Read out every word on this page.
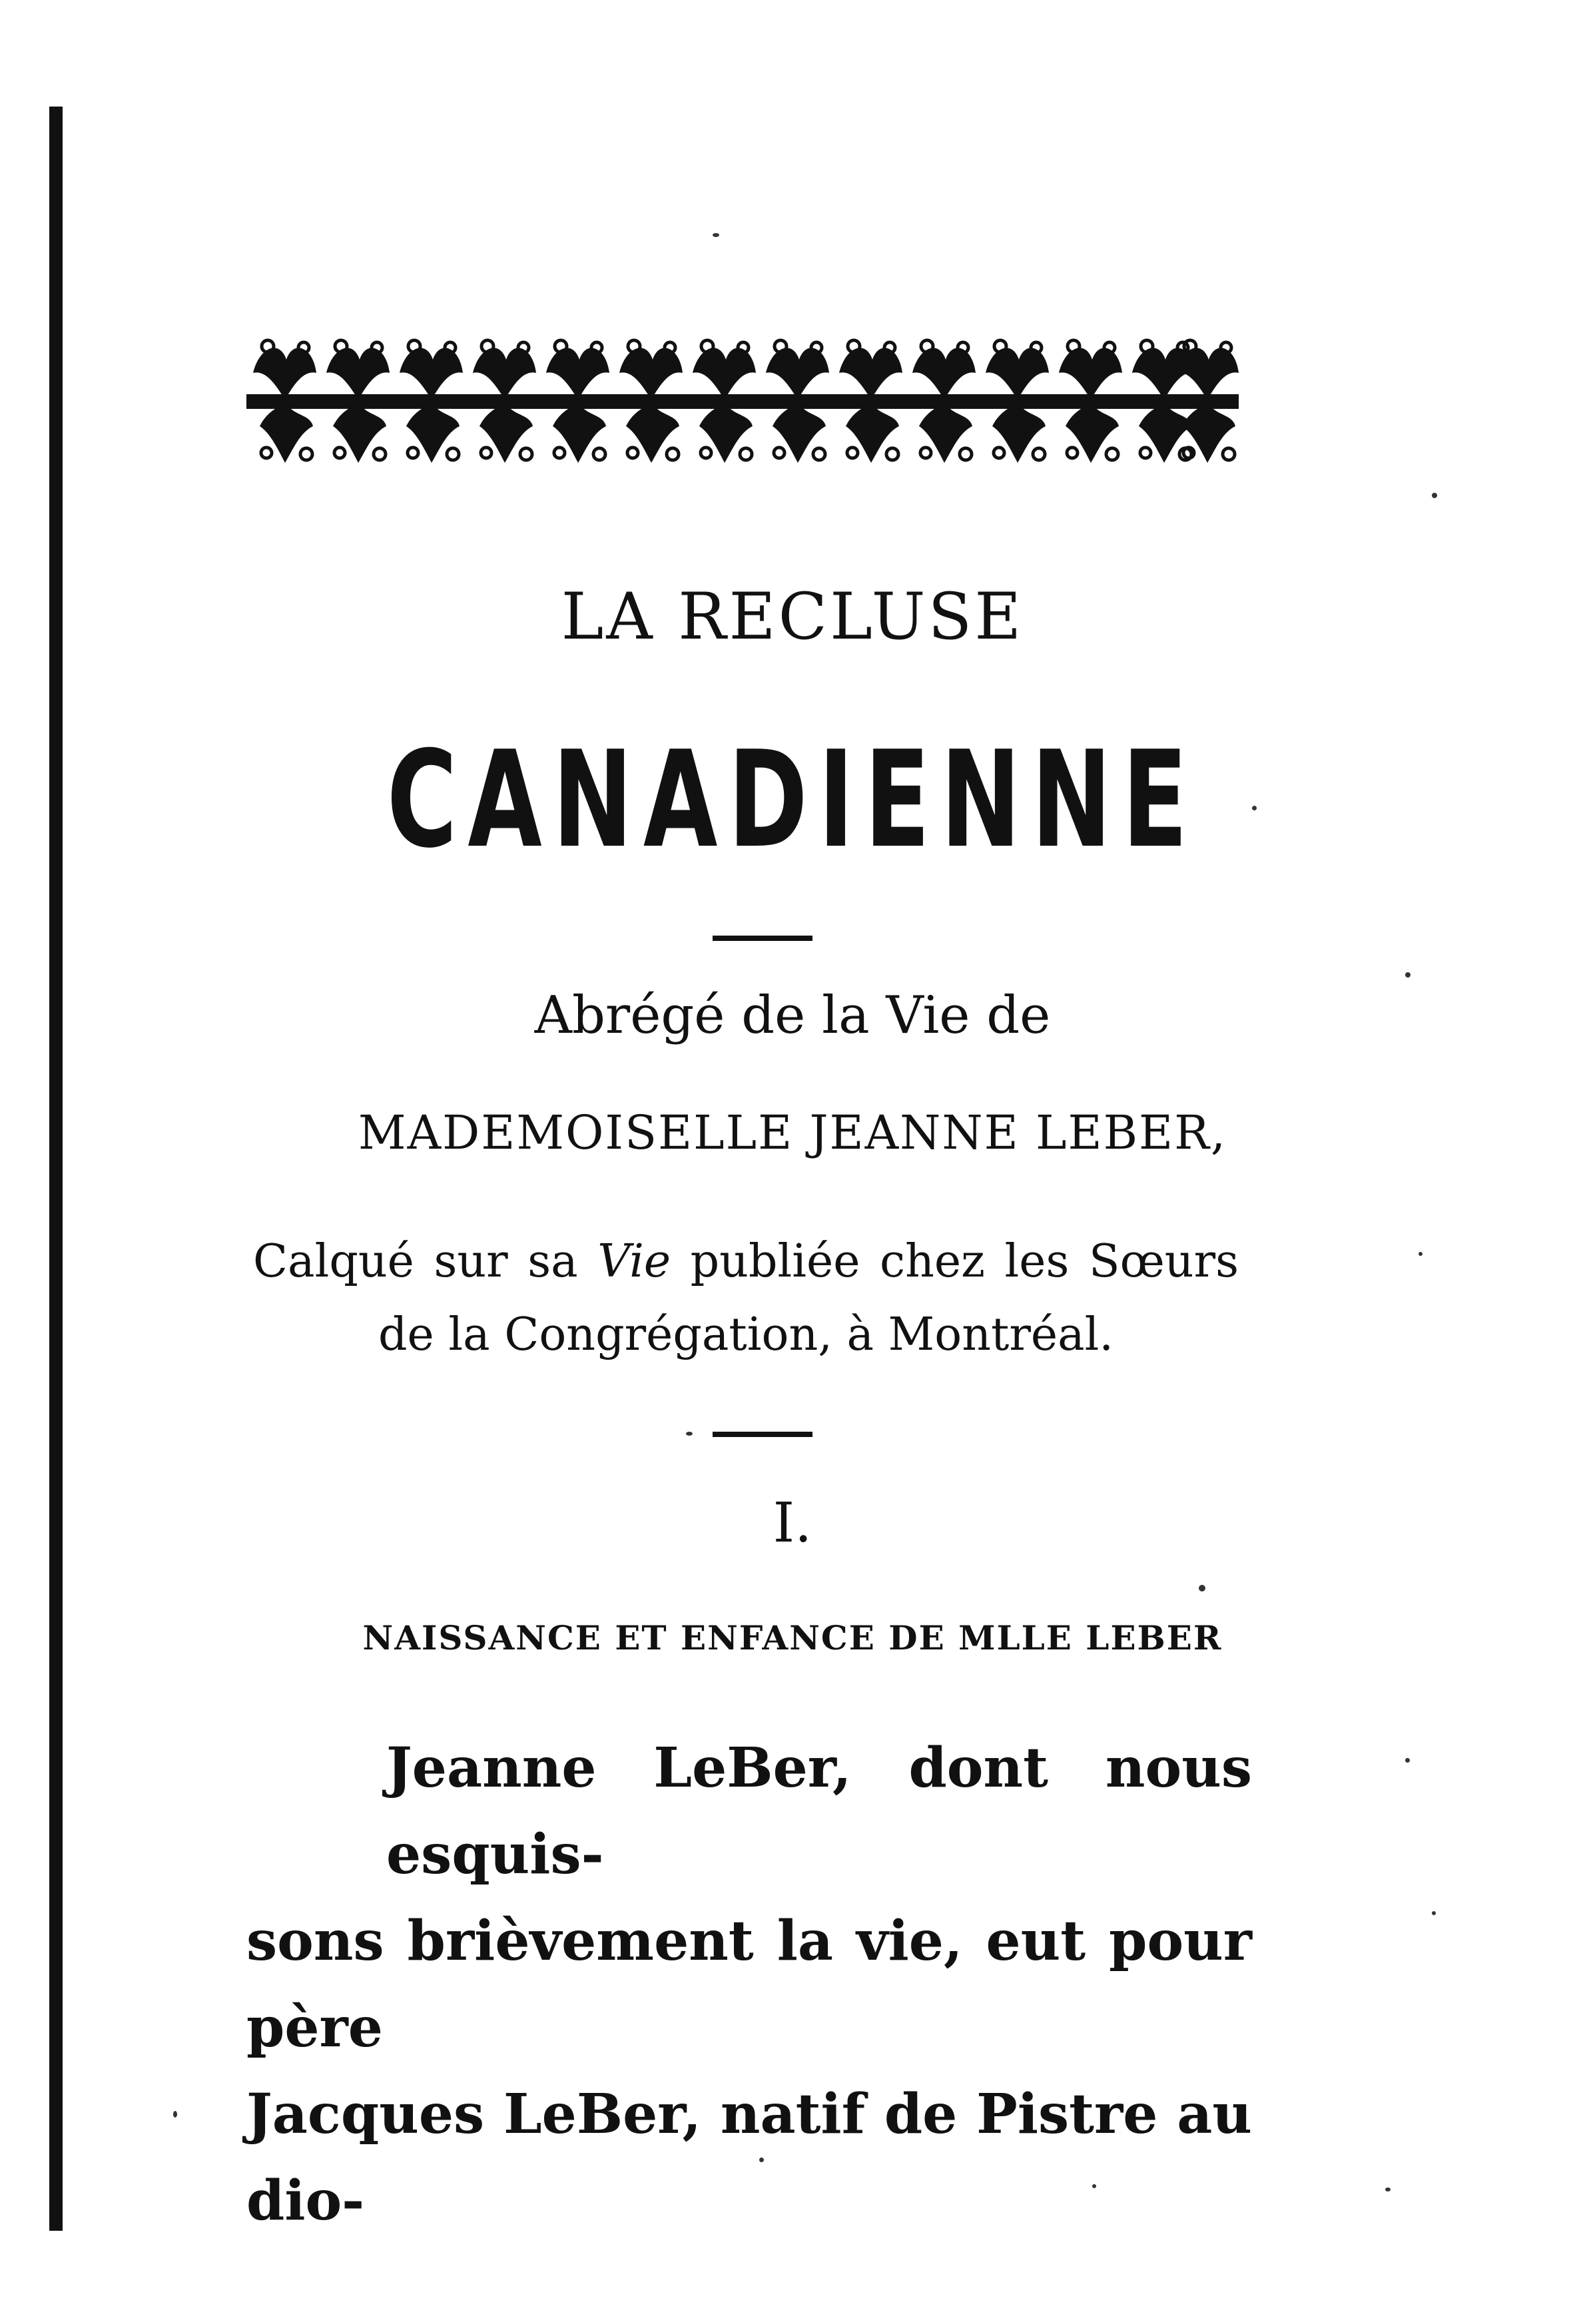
LA RECLUSE
CANADIENNE
Abrégé de la Vie de
MADEMOISELLE JEANNE LEBER,
Calqué sur sa Vie publiée chez les Sœurs
de la Congrégation, à Montréal.
I.
NAISSANCE ET ENFANCE DE MLLE LEBER
Jeanne LeBer, dont nous esquis-
sons brièvement la vie, eut pour père
Jacques LeBer, natif de Pistre au dio-
